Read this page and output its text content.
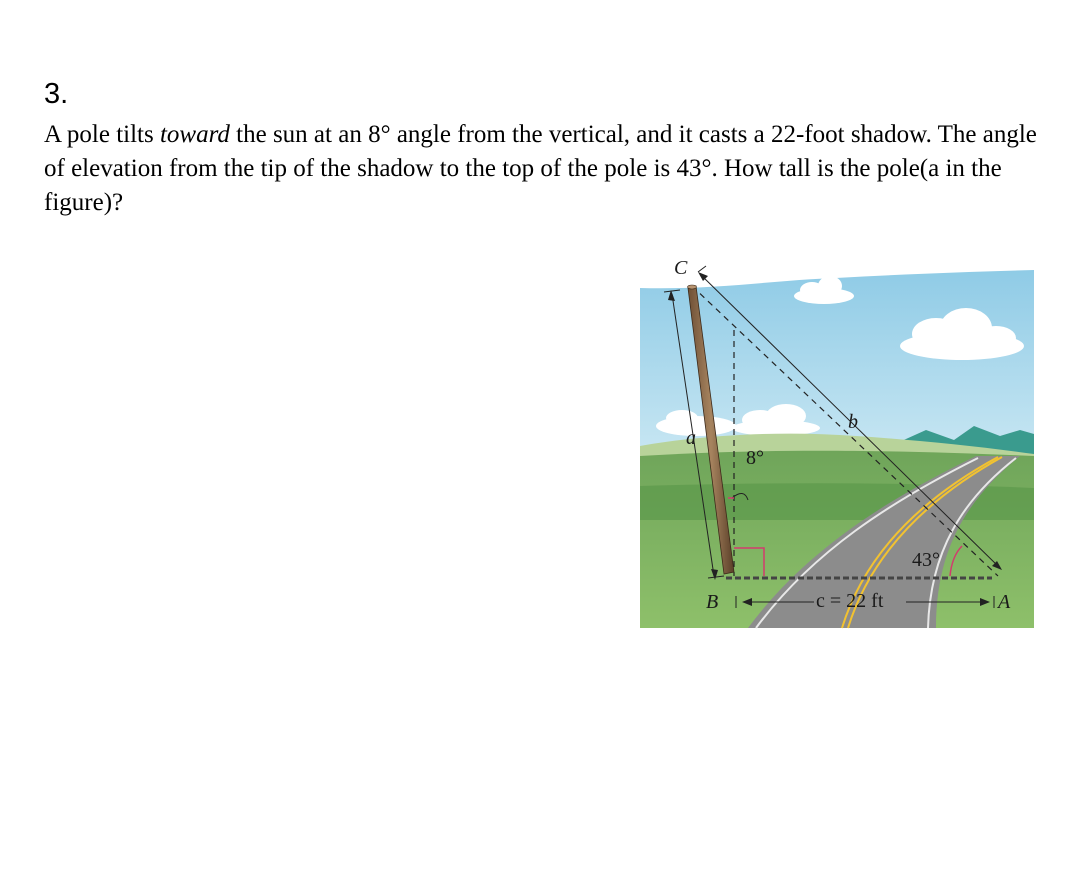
3.

A pole tilts toward the sun at an 8° angle from the vertical, and it casts a 22-foot shadow. The angle of elevation from the tip of the shadow to the top of the pole is 43°. How tall is the pole(a in the figure)?

C
B	A
a
b
c = 22 ft
8°
43°
